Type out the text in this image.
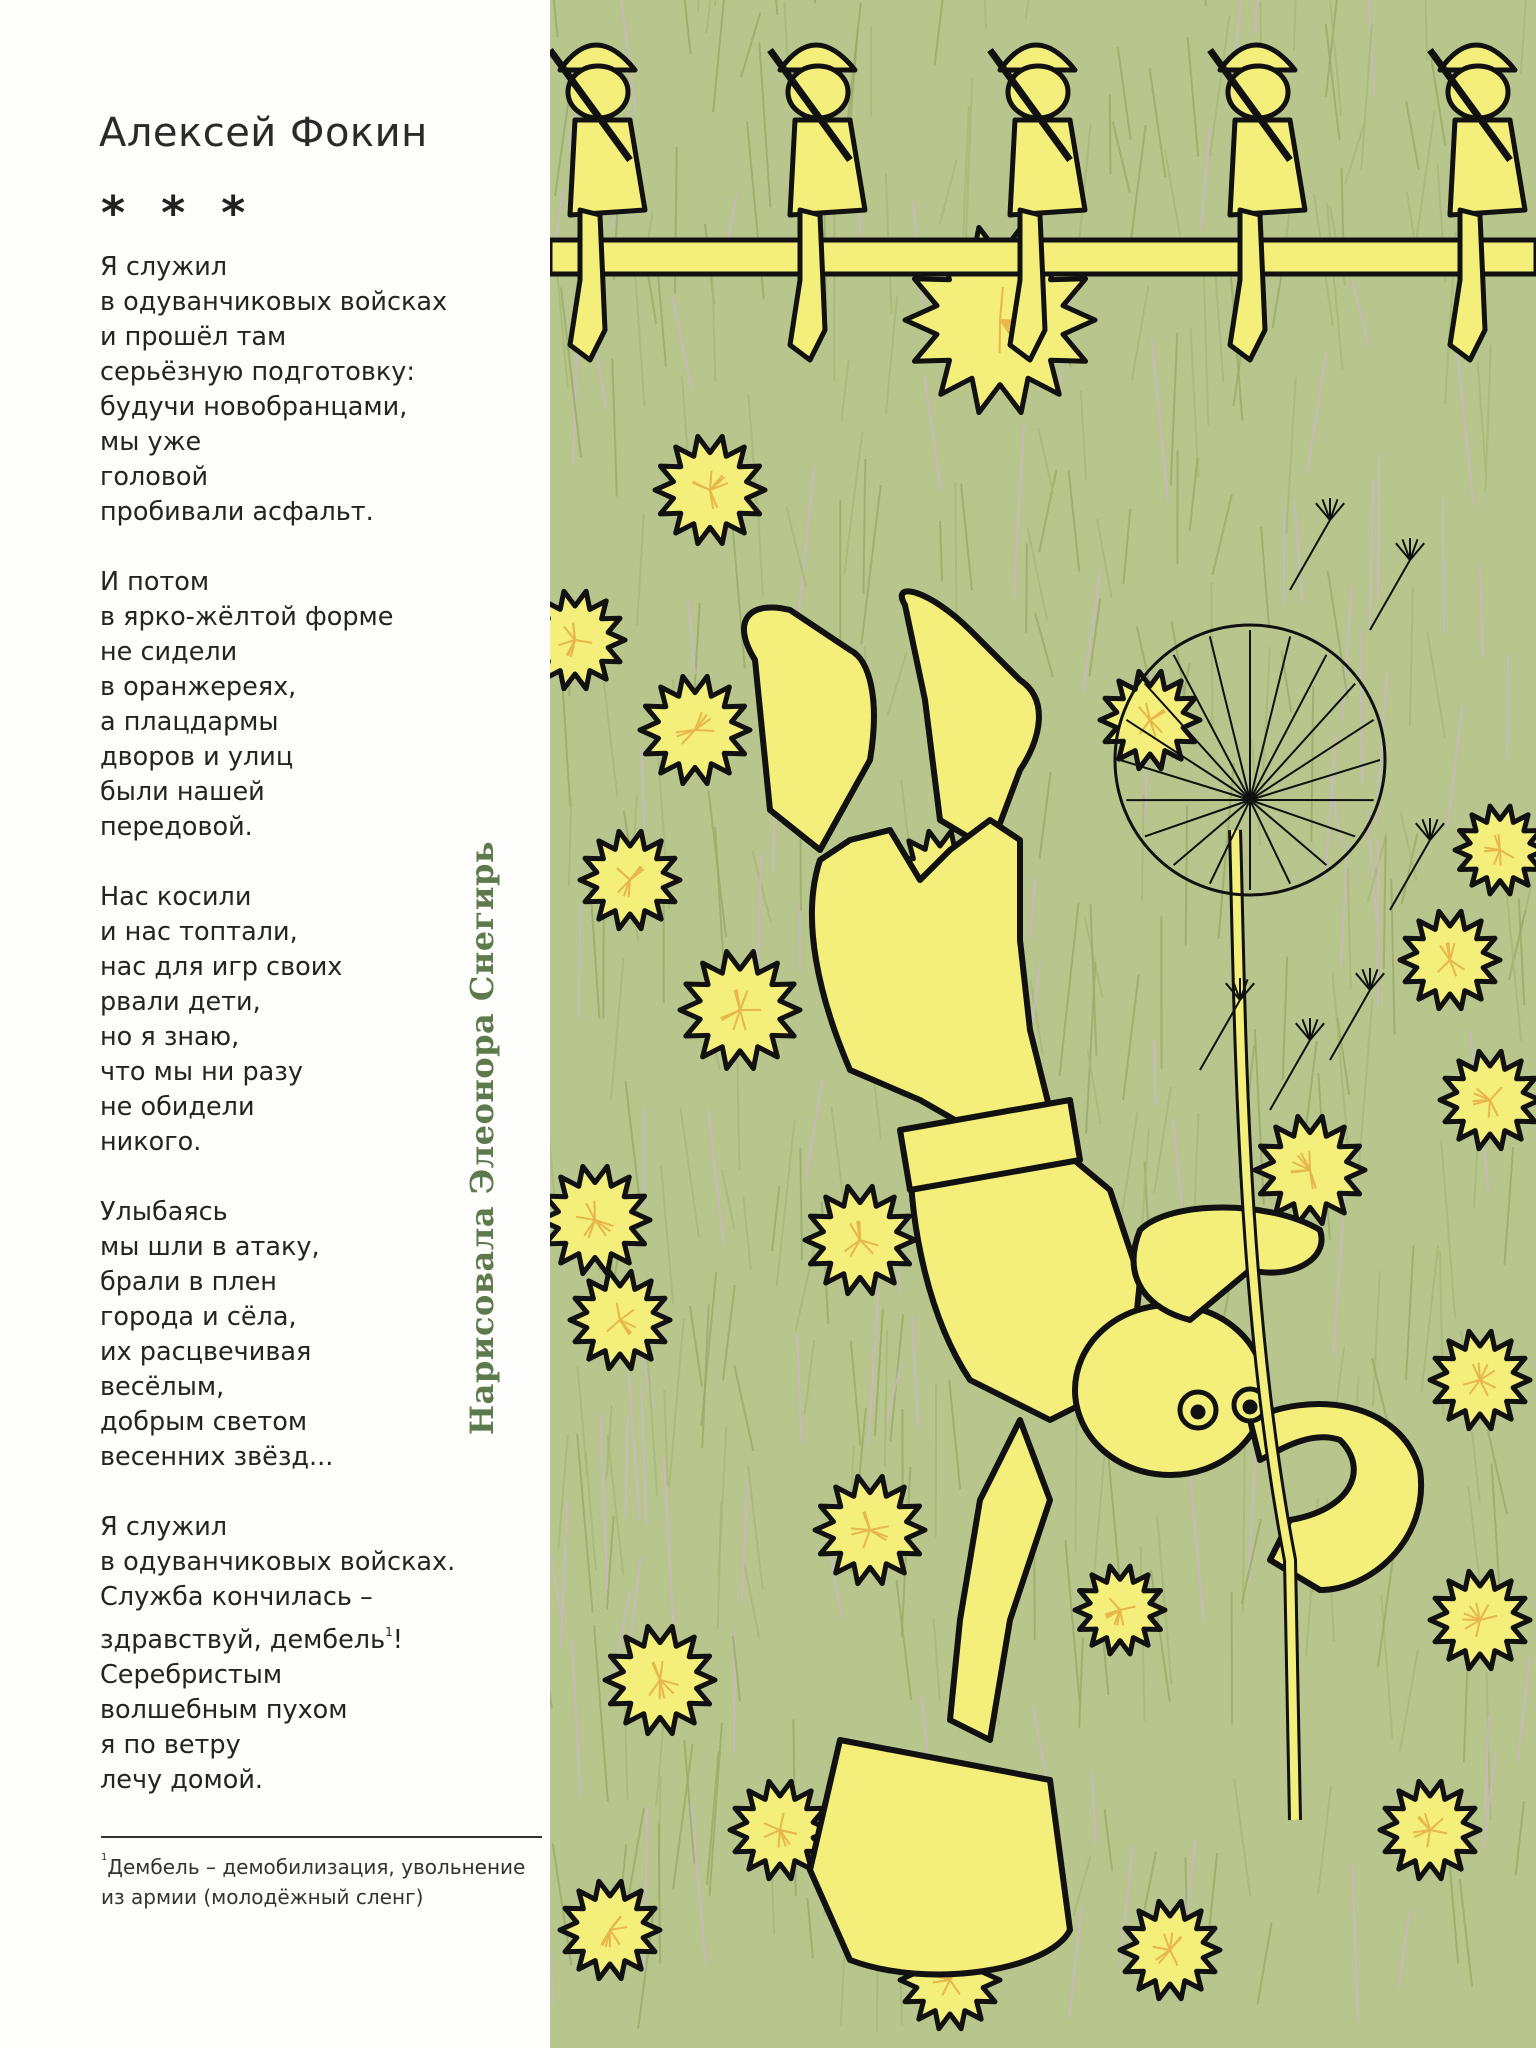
Алексей Фокин
* * *
Я служил
в одуванчиковых войсках
и прошёл там
серьёзную подготовку:
будучи новобранцами,
мы уже
головой
пробивали асфальт.
И потом
в ярко-жёлтой форме
не сидели
в оранжереях,
а плацдармы
дворов и улиц
были нашей
передовой.
Нас косили
и нас топтали,
нас для игр своих
рвали дети,
но я знаю,
что мы ни разу
не обидели
никого.
Улыбаясь
мы шли в атаку,
брали в плен
города и сёла,
их расцвечивая
весёлым,
добрым светом
весенних звёзд...
Я служил
в одуванчиковых войсках.
Служба кончилась –
здравствуй, дембель$^1$!
Серебристым
волшебным пухом
я по ветру
лечу домой.
$^1$Дембель – демобилизация, увольнение из армии (молодёжный сленг)
Нарисовала Элеонора Снегирь
